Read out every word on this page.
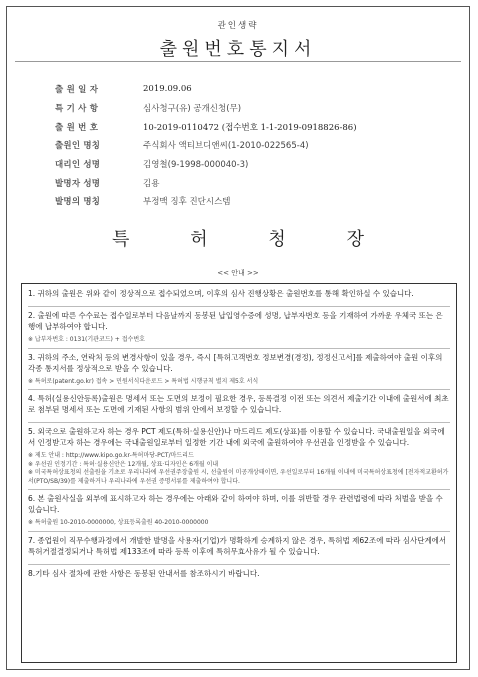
관인생략
출원번호통지서
출 원 일 자	2019.09.06
특 기 사 항	심사청구(유) 공개신청(무)
출 원 번 호	10-2019-0110472 (접수번호 1-1-2019-0918826-86)
출원인 명칭	주식회사 액티브디앤씨(1-2010-022565-4)
대리인 성명	김영철(9-1998-000040-3)
발명자 성명	김용
발명의 명칭	부정맥 징후 진단시스템
특	허	청	장
<< 안내 >>
1. 귀하의 출원은 위와 같이 정상적으로 접수되었으며, 이후의 심사 진행상황은 출원번호를 통해 확인하실 수 있습니다.
2. 출원에 따른 수수료는 접수일로부터 다음날까지 동봉된 납입영수증에 성명, 납부자번호 등을 기재하여 가까운 우체국 또는 은행에 납부하여야 합니다.
※ 납부자번호 : 0131(기관코드) + 접수번호
3. 귀하의 주소, 연락처 등의 변경사항이 있을 경우, 즉시 [특허고객번호 정보변경(경정), 정정신고서]를 제출하여야 출원 이후의 각종 통지서를 정상적으로 받을 수 있습니다.
※ 특허로(patent.go.kr) 접속 > 민원서식다운로드 > 특허법 시행규칙 별지 제5호 서식
4. 특허(실용신안등록)출원은 명세서 또는 도면의 보정이 필요한 경우, 등록결정 이전 또는 의견서 제출기간 이내에 출원서에 최초로 첨부된 명세서 또는 도면에 기재된 사항의 범위 안에서 보정할 수 있습니다.
5. 외국으로 출원하고자 하는 경우 PCT 제도(특허·실용신안)나 마드리드 제도(상표)를 이용할 수 있습니다. 국내출원일을 외국에서 인정받고자 하는 경우에는 국내출원일로부터 일정한 기간 내에 외국에 출원하여야 우선권을 인정받을 수 있습니다.
※ 제도 안내 : http://www.kipo.go.kr-특허마당-PCT/마드리드
※ 우선권 인정기간 : 특허·실용신안은 12개월, 상표·디자인은 6개월 이내
※ 미국특허상표청의 선출원을 기초로 우리나라에 우선권주장출원 시, 선출원이 미공개상태이면, 우선일로부터 16개월 이내에 미국특허상표청에 [전자적교환허가서(PTO/SB/39)를 제출하거나 우리나라에 우선권 증명서류를 제출하여야 합니다.
6. 본 출원사실을 외부에 표시하고자 하는 경우에는 아래와 같이 하여야 하며, 이를 위반할 경우 관련법령에 따라 처벌을 받을 수 있습니다.
※ 특허출원 10-2010-0000000, 상표등록출원 40-2010-0000000
7. 종업원이 직무수행과정에서 개발한 발명을 사용자(기업)가 명확하게 승계하지 않은 경우, 특허법 제62조에 따라 심사단계에서 특허거절결정되거나 특허법 제133조에 따라 등록 이후에 특허무효사유가 될 수 있습니다.
8.기타 심사 절차에 관한 사항은 동봉된 안내서를 참조하시기 바랍니다.
